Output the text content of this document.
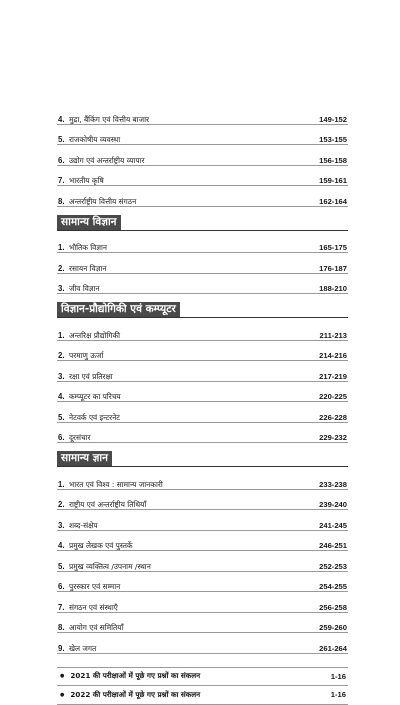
4. मुद्रा, बैंकिंग एवं वित्तीय बाजार	149-152
5. राजकोषीय व्यवस्था	153-155
6. उद्योग एवं अन्तर्राष्ट्रीय व्यापार	156-158
7. भारतीय कृषि	159-161
8. अन्तर्राष्ट्रीय वित्तीय संगठन	162-164
सामान्य विज्ञान
1. भौतिक विज्ञान	165-175
2. रसायन विज्ञान	176-187
3. जीव विज्ञान	188-210
विज्ञान-प्रौद्योगिकी एवं कम्प्यूटर
1. अन्तरिक्ष प्रौद्योगिकी	211-213
2. परमाणु ऊर्जा	214-216
3. रक्षा एवं प्रतिरक्षा	217-219
4. कम्प्यूटर का परिचय	220-225
5. नेटवर्क एवं इन्टरनेट	226-228
6. दूरसंचार	229-232
सामान्य ज्ञान
1. भारत एवं विश्व : सामान्य जानकारी	233-238
2. राष्ट्रीय एवं अन्तर्राष्ट्रीय तिथियाँ	239-240
3. शब्द-संक्षेप	241-245
4. प्रमुख लेखक एवं पुस्तकें	246-251
5. प्रमुख व्यक्तित्व /उपनाम /स्थान	252-253
6. पुरस्कार एवं सम्मान	254-255
7. संगठन एवं संस्थाएँ	256-258
8. आयोग एवं समितियाँ	259-260
9. खेल जगत	261-264
● 2021 की परीक्षाओं में पूछे गए प्रश्नों का संकलन	1-16
● 2022 की परीक्षाओं में पूछे गए प्रश्नों का संकलन	1-16
